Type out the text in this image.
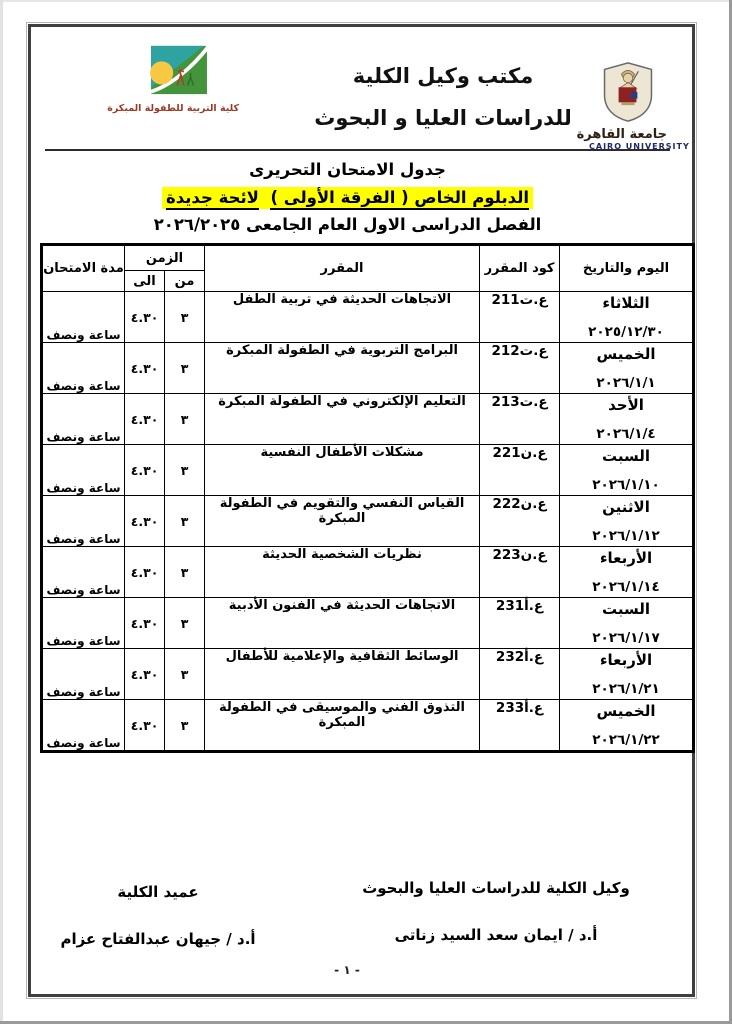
جامعة القاهرة
CAIRO UNIVERSITY
مكتب وكيل الكلية
للدراسات العليا و البحوث
كلية التربية للطفولة المبكرة
جدول الامتحان التحريرى
الدبلوم الخاص ( الفرقة الأولى )  لائحة جديدة
الفصل الدراسى الاول العام الجامعى ٢٠٢٦/٢٠٢٥
اليوم والتاريخ	كود المقرر	المقرر	الزمن		مدة الامتحان
			من	الى	

الثلاثاء
٢٠٢٥/١٢/٣٠	ع.ت211	الاتجاهات الحديثة في تربية الطفل	٣	٤.٣٠	ساعة ونصف

الخميس
٢٠٢٦/١/١	ع.ت212	البرامج التربوية في الطفولة المبكرة	٣	٤.٣٠	ساعة ونصف

الأحد
٢٠٢٦/١/٤	ع.ت213	التعليم الإلكتروني في الطفولة المبكرة	٣	٤.٣٠	ساعة ونصف

السبت
٢٠٢٦/١/١٠	ع.ن221	مشكلات الأطفال النفسية	٣	٤.٣٠	ساعة ونصف

الاثنين
٢٠٢٦/١/١٢	ع.ن222	القياس النفسي والتقويم في الطفولة المبكرة	٣	٤.٣٠	ساعة ونصف

الأربعاء
٢٠٢٦/١/١٤	ع.ن223	نظريات الشخصية الحديثة	٣	٤.٣٠	ساعة ونصف

السبت
٢٠٢٦/١/١٧	ع.أ231	الاتجاهات الحديثة في الفنون الأدبية	٣	٤.٣٠	ساعة ونصف

الأربعاء
٢٠٢٦/١/٢١	ع.أ232	الوسائط الثقافية والإعلامية للأطفال	٣	٤.٣٠	ساعة ونصف

الخميس
٢٠٢٦/١/٢٢	ع.أ233	التذوق الفني والموسيقى في الطفولة المبكرة	٣	٤.٣٠	ساعة ونصف
وكيل الكلية للدراسات العليا والبحوث
أ.د / ايمان سعد السيد زناتى
عميد الكلية
أ.د / جيهان عبدالفتاح عزام
- ١ -
